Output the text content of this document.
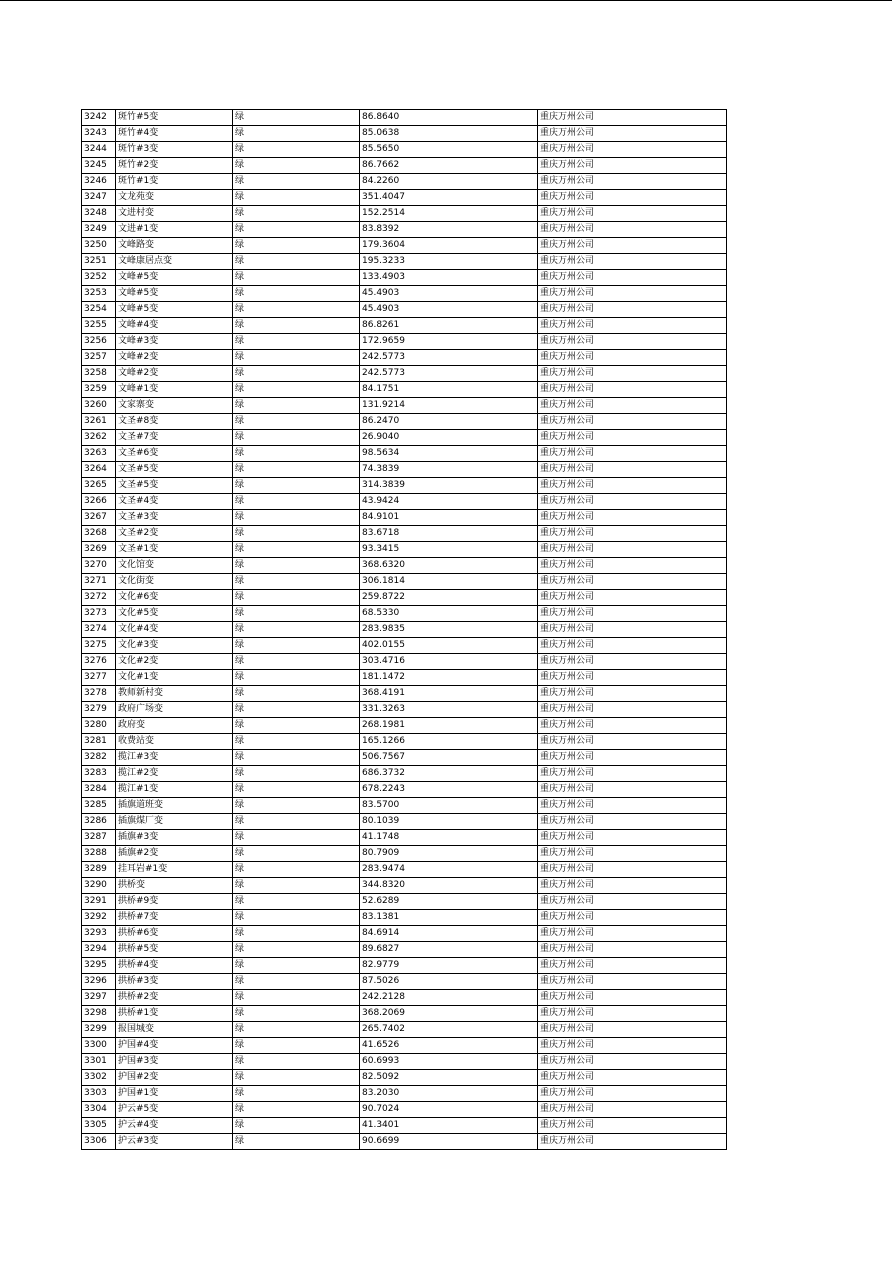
3242	斑竹#5变	绿	86.8640	重庆万州公司
3243	斑竹#4变	绿	85.0638	重庆万州公司
3244	斑竹#3变	绿	85.5650	重庆万州公司
3245	斑竹#2变	绿	86.7662	重庆万州公司
3246	斑竹#1变	绿	84.2260	重庆万州公司
3247	文龙苑变	绿	351.4047	重庆万州公司
3248	文进村变	绿	152.2514	重庆万州公司
3249	文进#1变	绿	83.8392	重庆万州公司
3250	文峰路变	绿	179.3604	重庆万州公司
3251	文峰康居点变	绿	195.3233	重庆万州公司
3252	文峰#5变	绿	133.4903	重庆万州公司
3253	文峰#5变	绿	45.4903	重庆万州公司
3254	文峰#5变	绿	45.4903	重庆万州公司
3255	文峰#4变	绿	86.8261	重庆万州公司
3256	文峰#3变	绿	172.9659	重庆万州公司
3257	文峰#2变	绿	242.5773	重庆万州公司
3258	文峰#2变	绿	242.5773	重庆万州公司
3259	文峰#1变	绿	84.1751	重庆万州公司
3260	文家寨变	绿	131.9214	重庆万州公司
3261	文圣#8变	绿	86.2470	重庆万州公司
3262	文圣#7变	绿	26.9040	重庆万州公司
3263	文圣#6变	绿	98.5634	重庆万州公司
3264	文圣#5变	绿	74.3839	重庆万州公司
3265	文圣#5变	绿	314.3839	重庆万州公司
3266	文圣#4变	绿	43.9424	重庆万州公司
3267	文圣#3变	绿	84.9101	重庆万州公司
3268	文圣#2变	绿	83.6718	重庆万州公司
3269	文圣#1变	绿	93.3415	重庆万州公司
3270	文化馆变	绿	368.6320	重庆万州公司
3271	文化街变	绿	306.1814	重庆万州公司
3272	文化#6变	绿	259.8722	重庆万州公司
3273	文化#5变	绿	68.5330	重庆万州公司
3274	文化#4变	绿	283.9835	重庆万州公司
3275	文化#3变	绿	402.0155	重庆万州公司
3276	文化#2变	绿	303.4716	重庆万州公司
3277	文化#1变	绿	181.1472	重庆万州公司
3278	教师新村变	绿	368.4191	重庆万州公司
3279	政府广场变	绿	331.3263	重庆万州公司
3280	政府变	绿	268.1981	重庆万州公司
3281	收费站变	绿	165.1266	重庆万州公司
3282	揽江#3变	绿	506.7567	重庆万州公司
3283	揽江#2变	绿	686.3732	重庆万州公司
3284	揽江#1变	绿	678.2243	重庆万州公司
3285	插旗道班变	绿	83.5700	重庆万州公司
3286	插旗煤厂变	绿	80.1039	重庆万州公司
3287	插旗#3变	绿	41.1748	重庆万州公司
3288	插旗#2变	绿	80.7909	重庆万州公司
3289	挂耳岩#1变	绿	283.9474	重庆万州公司
3290	拱桥变	绿	344.8320	重庆万州公司
3291	拱桥#9变	绿	52.6289	重庆万州公司
3292	拱桥#7变	绿	83.1381	重庆万州公司
3293	拱桥#6变	绿	84.6914	重庆万州公司
3294	拱桥#5变	绿	89.6827	重庆万州公司
3295	拱桥#4变	绿	82.9779	重庆万州公司
3296	拱桥#3变	绿	87.5026	重庆万州公司
3297	拱桥#2变	绿	242.2128	重庆万州公司
3298	拱桥#1变	绿	368.2069	重庆万州公司
3299	报国城变	绿	265.7402	重庆万州公司
3300	护国#4变	绿	41.6526	重庆万州公司
3301	护国#3变	绿	60.6993	重庆万州公司
3302	护国#2变	绿	82.5092	重庆万州公司
3303	护国#1变	绿	83.2030	重庆万州公司
3304	护云#5变	绿	90.7024	重庆万州公司
3305	护云#4变	绿	41.3401	重庆万州公司
3306	护云#3变	绿	90.6699	重庆万州公司
